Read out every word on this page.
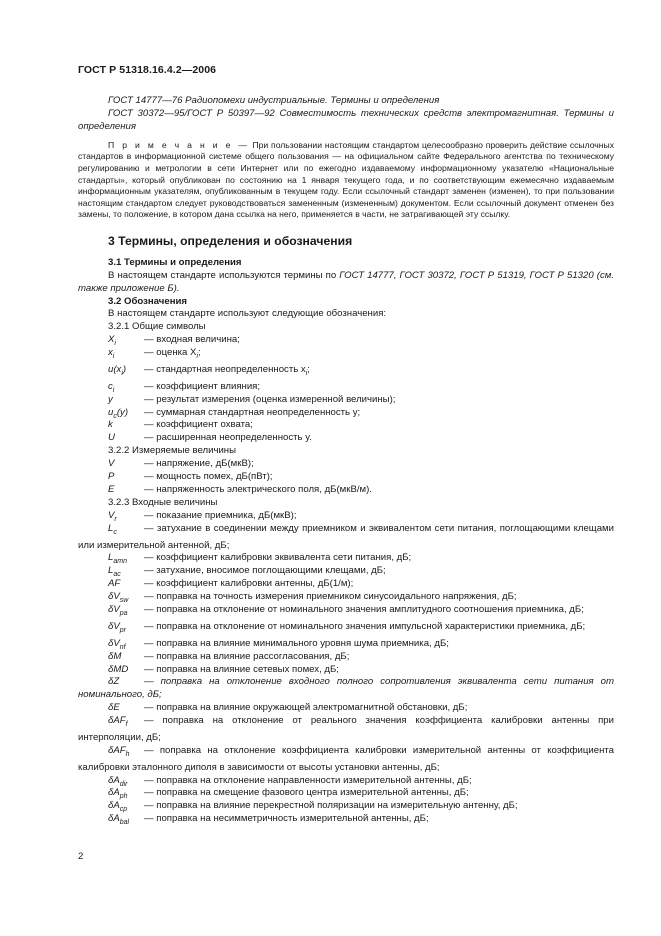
ГОСТ Р 51318.16.4.2—2006
ГОСТ 14777—76 Радиопомехи индустриальные. Термины и определения
ГОСТ 30372—95/ГОСТ Р 50397—92 Совместимость технических средств электромагнитная. Термины и определения
П р и м е ч а н и е — При пользовании настоящим стандартом целесообразно проверить действие ссылочных стандартов в информационной системе общего пользования — на официальном сайте Федерального агентства по техническому регулированию и метрологии в сети Интернет или по ежегодно издаваемому информационному указателю «Национальные стандарты», который опубликован по состоянию на 1 января текущего года, и по соответствующим ежемесячно издаваемым информационным указателям, опубликованным в текущем году. Если ссылочный стандарт заменен (изменен), то при пользовании настоящим стандартом следует руководствоваться замененным (измененным) документом. Если ссылочный документ отменен без замены, то положение, в котором дана ссылка на него, применяется в части, не затрагивающей эту ссылку.
3 Термины, определения и обозначения
3.1 Термины и определения
В настоящем стандарте используются термины по ГОСТ 14777, ГОСТ 30372, ГОСТ Р 51319, ГОСТ Р 51320 (см. также приложение Б).
3.2 Обозначения
В настоящем стандарте используют следующие обозначения:
3.2.1 Общие символы
$X_i$	— входная величина;
$x_i$	— оценка $X_i$;
$u(x_i)$	— стандартная неопределенность $x_i$;
$c_i$	— коэффициент влияния;
y	— результат измерения (оценка измеренной величины);
$u_c(y)$	— суммарная стандартная неопределенность y;
k	— коэффициент охвата;
U	— расширенная неопределенность y.
3.2.2 Измеряемые величины
V	— напряжение, дБ(мкВ);
P	— мощность помех, дБ(пВт);
E	— напряженность электрического поля, дБ(мкВ/м).
3.2.3 Входные величины
$V_r$	— показание приемника, дБ(мкВ);
$L_c$	— затухание в соединении между приемником и эквивалентом сети питания, поглощающими клещами или измерительной антенной, дБ;
$L_{amn}$	— коэффициент калибровки эквивалента сети питания, дБ;
$L_{ac}$	— затухание, вносимое поглощающими клещами, дБ;
AF	— коэффициент калибровки антенны, дБ(1/м);
$\delta V_{sw}$	— поправка на точность измерения приемником синусоидального напряжения, дБ;
$\delta V_{pa}$ — поправка на отклонение от номинального значения амплитудного соотношения приемника, дБ;
$\delta V_{pr}$ — поправка на отклонение от номинального значения импульсной характеристики приемника, дБ;
$\delta V_{nf}$	— поправка на влияние минимального уровня шума приемника, дБ;
δM	— поправка на влияние рассогласования, дБ;
δMD	— поправка на влияние сетевых помех, дБ;
δZ	— поправка на отклонение входного полного сопротивления эквивалента сети питания от номинального, дБ;
δE	— поправка на влияние окружающей электромагнитной обстановки, дБ;
δAF$_f$ — поправка на отклонение от реального значения коэффициента калибровки антенны при интерполяции, дБ;
δAF$_h$ — поправка на отклонение коэффициента калибровки измерительной антенны от коэффициента калибровки эталонного диполя в зависимости от высоты установки антенны, дБ;
$\delta A_{dir}$	— поправка на отклонение направленности измерительной антенны, дБ;
$\delta A_{ph}$	— поправка на смещение фазового центра измерительной антенны, дБ;
$\delta A_{cp}$	— поправка на влияние перекрестной поляризации на измерительную антенну, дБ;
$\delta A_{bal}$	— поправка на несимметричность измерительной антенны, дБ;
2
